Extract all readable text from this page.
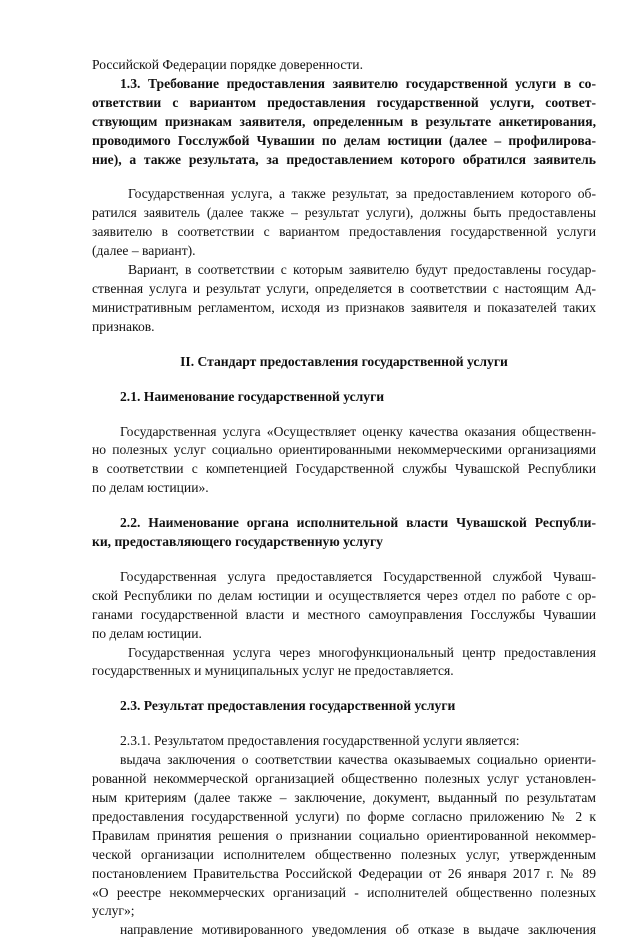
Российской Федерации порядке доверенности.
1.3. Требование предоставления заявителю государственной услуги в со-
ответствии с вариантом предоставления государственной услуги, соответ-
ствующим признакам заявителя, определенным в результате анкетирования,
проводимого Госслужбой Чувашии по делам юстиции (далее – профилирова-
ние), а также результата, за предоставлением которого обратился заявитель
Государственная услуга, а также результат, за предоставлением которого об-
ратился заявитель (далее также – результат услуги), должны быть предоставлены
заявителю в соответствии с вариантом предоставления государственной услуги
(далее – вариант).
Вариант, в соответствии с которым заявителю будут предоставлены государ-
ственная услуга и результат услуги, определяется в соответствии с настоящим Ад-
министративным регламентом, исходя из признаков заявителя и показателей таких
признаков.
II. Стандарт предоставления государственной услуги
2.1. Наименование государственной услуги
Государственная услуга «Осуществляет оценку качества оказания общественн-
но полезных услуг социально ориентированными некоммерческими организациями
в соответствии с компетенцией Государственной службы Чувашской Республики
по делам юстиции».
2.2. Наименование органа исполнительной власти Чувашской Республи-
ки, предоставляющего государственную услугу
Государственная услуга предоставляется Государственной службой Чуваш-
ской Республики по делам юстиции и осуществляется через отдел по работе с ор-
ганами государственной власти и местного самоуправления Госслужбы Чувашии
по делам юстиции.
Государственная услуга через многофункциональный центр предоставления
государственных и муниципальных услуг не предоставляется.
2.3. Результат предоставления государственной услуги
2.3.1. Результатом предоставления государственной услуги является:
выдача заключения о соответствии качества оказываемых социально ориенти-
рованной некоммерческой организацией общественно полезных услуг установлен-
ным критериям (далее также – заключение, документ, выданный по результатам
предоставления государственной услуги) по форме согласно приложению № 2 к
Правилам принятия решения о признании социально ориентированной некоммер-
ческой организации исполнителем общественно полезных услуг, утвержденным
постановлением Правительства Российской Федерации от 26 января 2017 г. № 89
«О реестре некоммерческих организаций - исполнителей общественно полезных
услуг»;
направление мотивированного уведомления об отказе в выдаче заключения
